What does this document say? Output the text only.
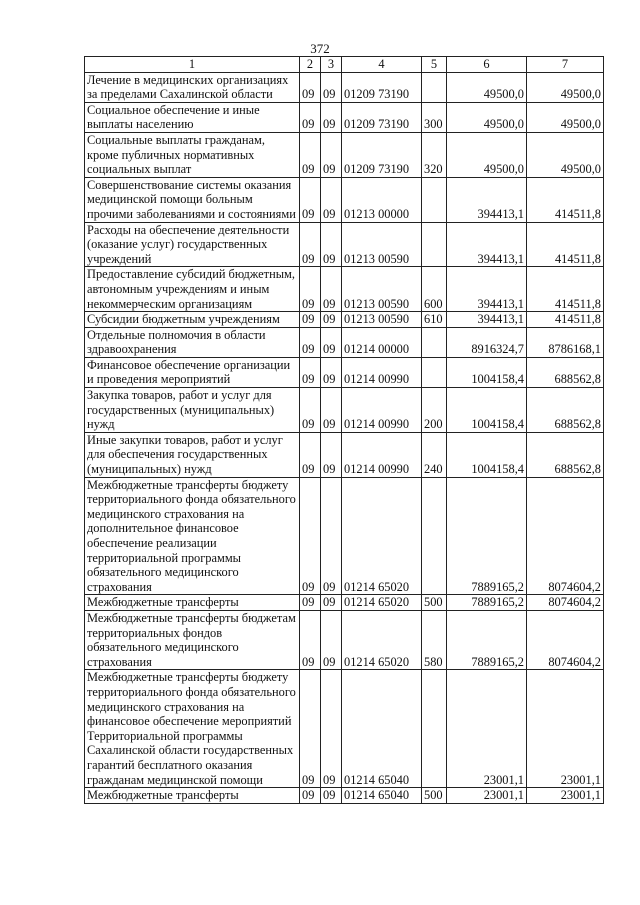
372
1	2	3	4	5	6	7
Лечение в медицинских организациях за пределами Сахалинской области	09	09	01209 73190		49500,0	49500,0
Социальное обеспечение и иные выплаты населению	09	09	01209 73190	300	49500,0	49500,0
Социальные выплаты гражданам, кроме публичных нормативных социальных выплат	09	09	01209 73190	320	49500,0	49500,0
Совершенствование системы оказания медицинской помощи больным прочими заболеваниями и состояниями	09	09	01213 00000		394413,1	414511,8
Расходы на обеспечение деятельности (оказание услуг) государственных учреждений	09	09	01213 00590		394413,1	414511,8
Предоставление субсидий бюджетным, автономным учреждениям и иным некоммерческим организациям	09	09	01213 00590	600	394413,1	414511,8
Субсидии бюджетным учреждениям	09	09	01213 00590	610	394413,1	414511,8
Отдельные полномочия в области здравоохранения	09	09	01214 00000		8916324,7	8786168,1
Финансовое обеспечение организации и проведения мероприятий	09	09	01214 00990		1004158,4	688562,8
Закупка товаров, работ и услуг для государственных (муниципальных) нужд	09	09	01214 00990	200	1004158,4	688562,8
Иные закупки товаров, работ и услуг для обеспечения государственных (муниципальных) нужд	09	09	01214 00990	240	1004158,4	688562,8
Межбюджетные трансферты бюджету территориального фонда обязательного медицинского страхования на дополнительное финансовое обеспечение реализации территориальной программы обязательного медицинского страхования	09	09	01214 65020		7889165,2	8074604,2
Межбюджетные трансферты	09	09	01214 65020	500	7889165,2	8074604,2
Межбюджетные трансферты бюджетам территориальных фондов обязательного медицинского страхования	09	09	01214 65020	580	7889165,2	8074604,2
Межбюджетные трансферты бюджету территориального фонда обязательного медицинского страхования на финансовое обеспечение мероприятий Территориальной программы Сахалинской области государственных гарантий бесплатного оказания гражданам медицинской помощи	09	09	01214 65040		23001,1	23001,1
Межбюджетные трансферты	09	09	01214 65040	500	23001,1	23001,1
